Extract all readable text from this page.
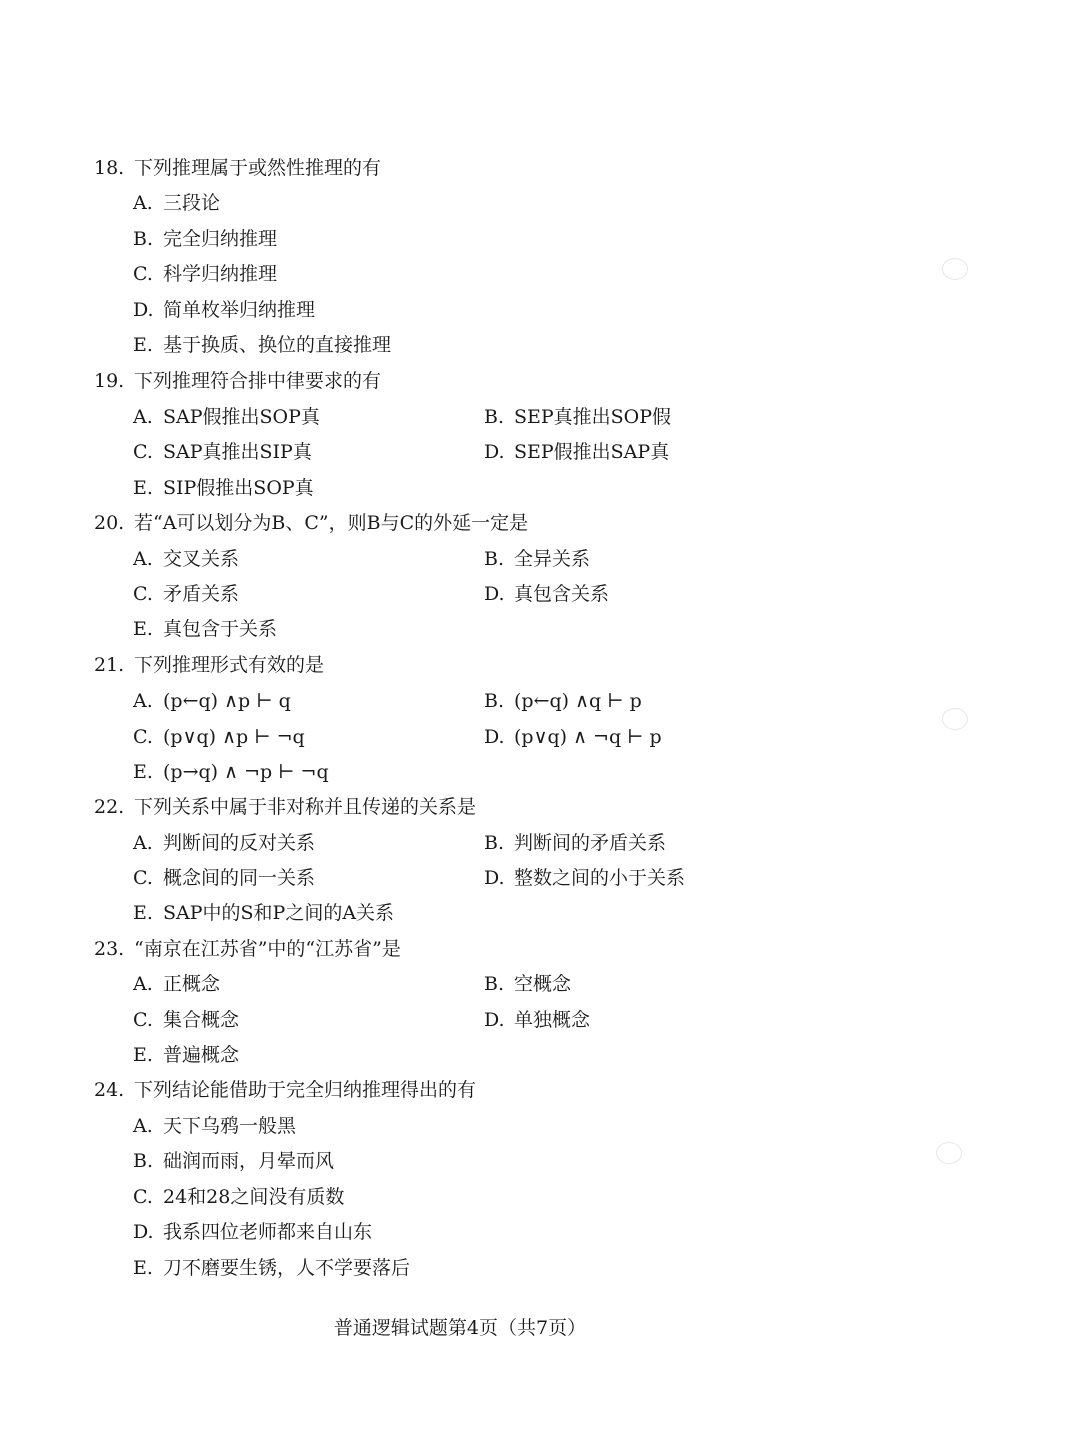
18. 下列推理属于或然性推理的有
A. 三段论
B. 完全归纳推理
C. 科学归纳推理
D. 简单枚举归纳推理
E. 基于换质、换位的直接推理
19. 下列推理符合排中律要求的有
A. SAP假推出SOP真	B. SEP真推出SOP假
C. SAP真推出SIP真	D. SEP假推出SAP真
E. SIP假推出SOP真
20. 若“A可以划分为B、C”，则B与C的外延一定是
A. 交叉关系	B. 全异关系
C. 矛盾关系	D. 真包含关系
E. 真包含于关系
21. 下列推理形式有效的是
A. (p←q) ∧p ⊢ q	B. (p←q) ∧q ⊢ p
C. (p∨q) ∧p ⊢ ¬q	D. (p∨q) ∧ ¬q ⊢ p
E. (p→q) ∧ ¬p ⊢ ¬q
22. 下列关系中属于非对称并且传递的关系是
A. 判断间的反对关系	B. 判断间的矛盾关系
C. 概念间的同一关系	D. 整数之间的小于关系
E. SAP中的S和P之间的A关系
23. “南京在江苏省”中的“江苏省”是
A. 正概念	B. 空概念
C. 集合概念	D. 单独概念
E. 普遍概念
24. 下列结论能借助于完全归纳推理得出的有
A. 天下乌鸦一般黑
B. 础润而雨，月晕而风
C. 24和28之间没有质数
D. 我系四位老师都来自山东
E. 刀不磨要生锈，人不学要落后
普通逻辑试题第4页（共7页）
